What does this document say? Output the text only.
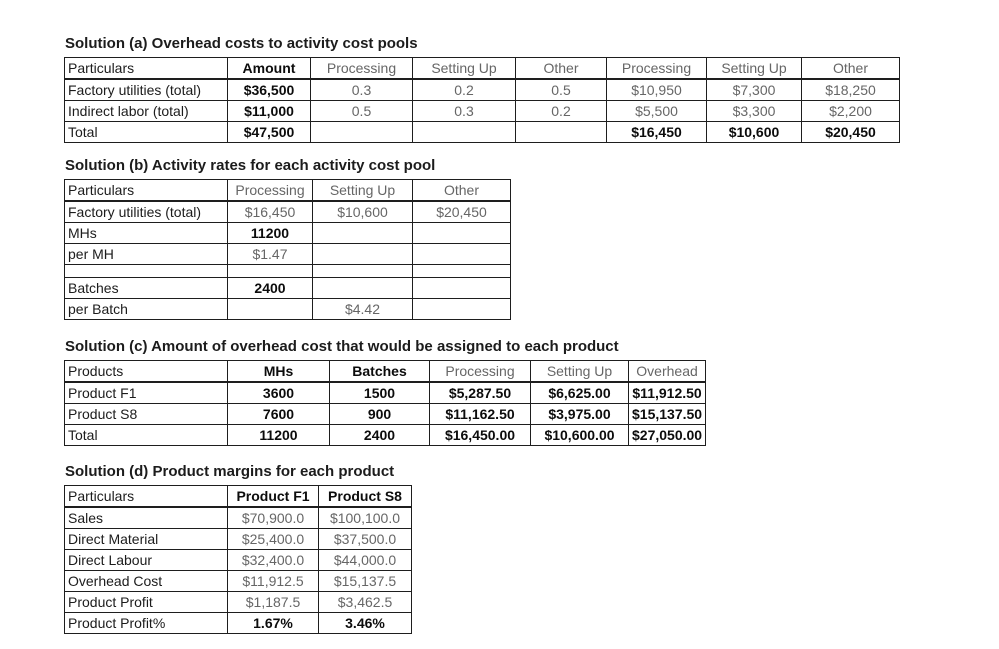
Solution (a) Overhead costs to activity cost pools
Particulars	Amount	Processing	Setting Up	Other	Processing	Setting Up	Other
Factory utilities (total)	$36,500	0.3	0.2	0.5	$10,950	$7,300	$18,250
Indirect labor (total)	$11,000	0.5	0.3	0.2	$5,500	$3,300	$2,200
Total	$47,500				$16,450	$10,600	$20,450
Solution (b) Activity rates for each activity cost pool
Particulars	Processing	Setting Up	Other
Factory utilities (total)	$16,450	$10,600	$20,450
MHs	11200		
per MH	$1.47		

Batches	2400		
per Batch		$4.42	
Solution (c) Amount of overhead cost that would be assigned to each product
Products	MHs	Batches	Processing	Setting Up	Overhead
Product F1	3600	1500	$5,287.50	$6,625.00	$11,912.50
Product S8	7600	900	$11,162.50	$3,975.00	$15,137.50
Total	11200	2400	$16,450.00	$10,600.00	$27,050.00
Solution (d) Product margins for each product
Particulars	Product F1	Product S8
Sales	$70,900.0	$100,100.0
Direct Material	$25,400.0	$37,500.0
Direct Labour	$32,400.0	$44,000.0
Overhead Cost	$11,912.5	$15,137.5
Product Profit	$1,187.5	$3,462.5
Product Profit%	1.67%	3.46%
